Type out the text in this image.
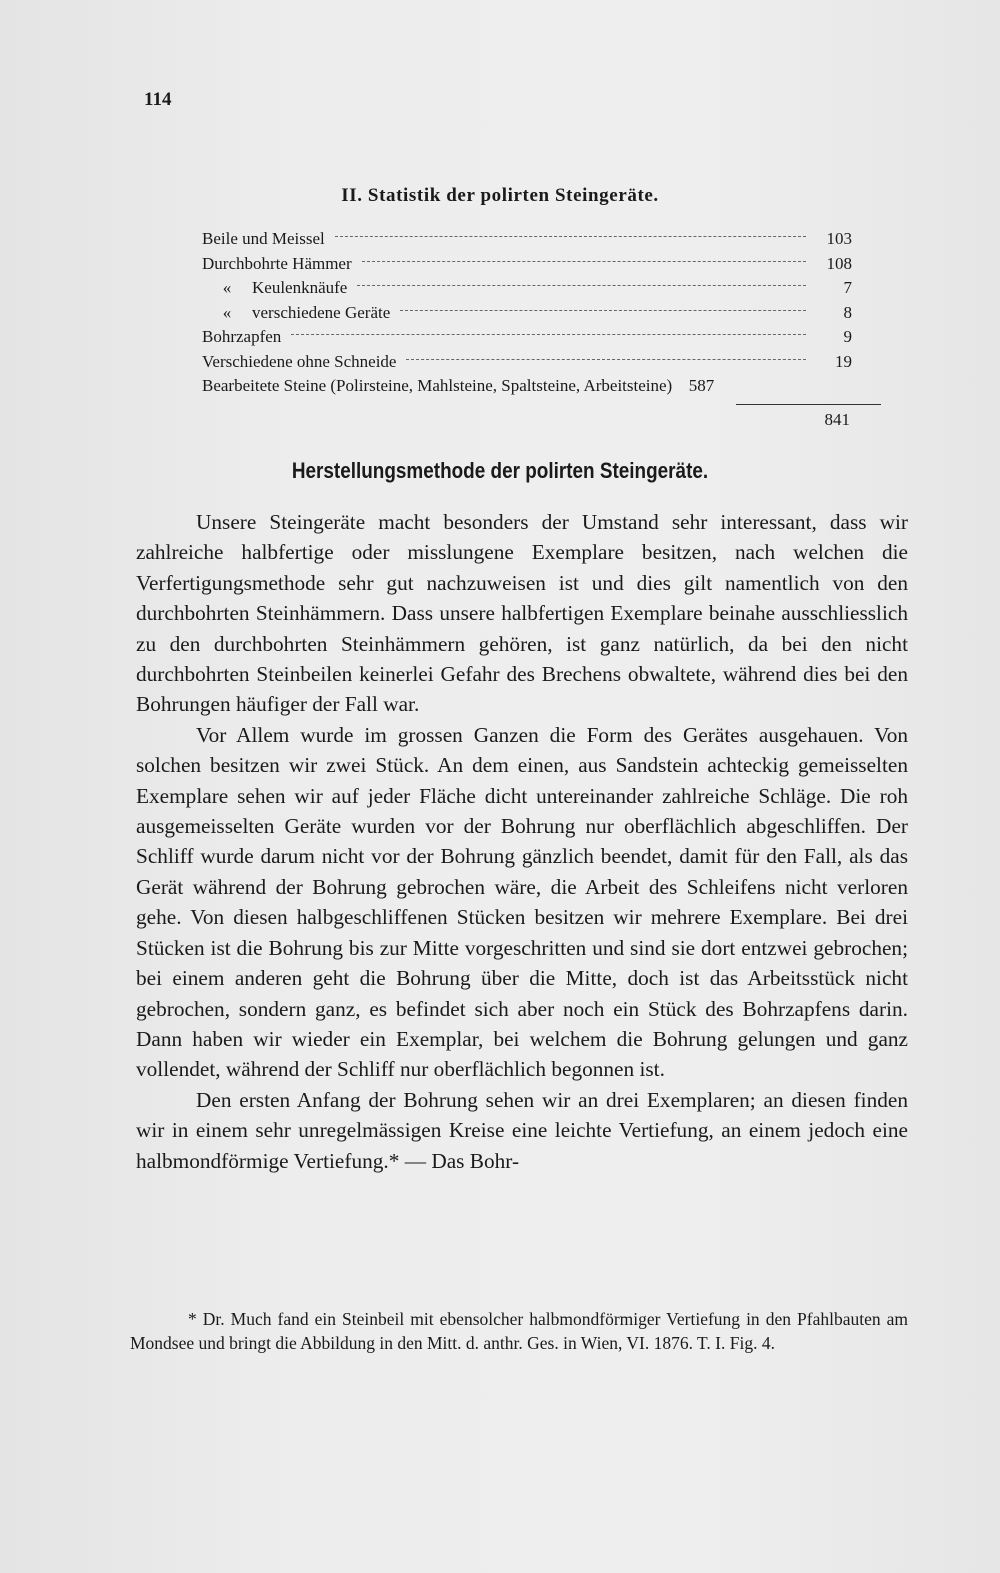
114
II. Statistik der polirten Steingeräte.
Beile und Meissel	103
Durchbohrte Hämmer	108
«	Keulenknäufe	7
«	verschiedene Geräte	8
Bohrzapfen	9
Verschiedene ohne Schneide	19
Bearbeitete Steine (Polirsteine, Mahlsteine, Spaltsteine, Arbeitsteine) 587
841
Herstellungsmethode der polirten Steingeräte.

Unsere Steingeräte macht besonders der Umstand sehr interessant, dass wir zahlreiche halbfertige oder misslungene Exemplare besitzen, nach welchen die Verfertigungsmethode sehr gut nachzuweisen ist und dies gilt namentlich von den durchbohrten Steinhämmern. Dass unsere halbfertigen Exemplare beinahe ausschliesslich zu den durchbohrten Steinhämmern gehören, ist ganz natürlich, da bei den nicht durchbohrten Steinbeilen keinerlei Gefahr des Brechens obwaltete, während dies bei den Bohrungen häufiger der Fall war.

Vor Allem wurde im grossen Ganzen die Form des Gerätes ausgehauen. Von solchen besitzen wir zwei Stück. An dem einen, aus Sandstein achteckig gemeisselten Exemplare sehen wir auf jeder Fläche dicht untereinander zahlreiche Schläge. Die roh ausgemeisselten Geräte wurden vor der Bohrung nur oberflächlich abgeschliffen. Der Schliff wurde darum nicht vor der Bohrung gänzlich beendet, damit für den Fall, als das Gerät während der Bohrung gebrochen wäre, die Arbeit des Schleifens nicht verloren gehe. Von diesen halbgeschliffenen Stücken besitzen wir mehrere Exemplare. Bei drei Stücken ist die Bohrung bis zur Mitte vorgeschritten und sind sie dort entzwei gebrochen; bei einem anderen geht die Bohrung über die Mitte, doch ist das Arbeitsstück nicht gebrochen, sondern ganz, es befindet sich aber noch ein Stück des Bohrzapfens darin. Dann haben wir wieder ein Exemplar, bei welchem die Bohrung gelungen und ganz vollendet, während der Schliff nur oberflächlich begonnen ist.

Den ersten Anfang der Bohrung sehen wir an drei Exemplaren; an diesen finden wir in einem sehr unregelmässigen Kreise eine leichte Vertiefung, an einem jedoch eine halbmondförmige Vertiefung.* — Das Bohr-

* Dr. Much fand ein Steinbeil mit ebensolcher halbmondförmiger Vertiefung in den Pfahlbauten am Mondsee und bringt die Abbildung in den Mitt. d. anthr. Ges. in Wien, VI. 1876. T. I. Fig. 4.
